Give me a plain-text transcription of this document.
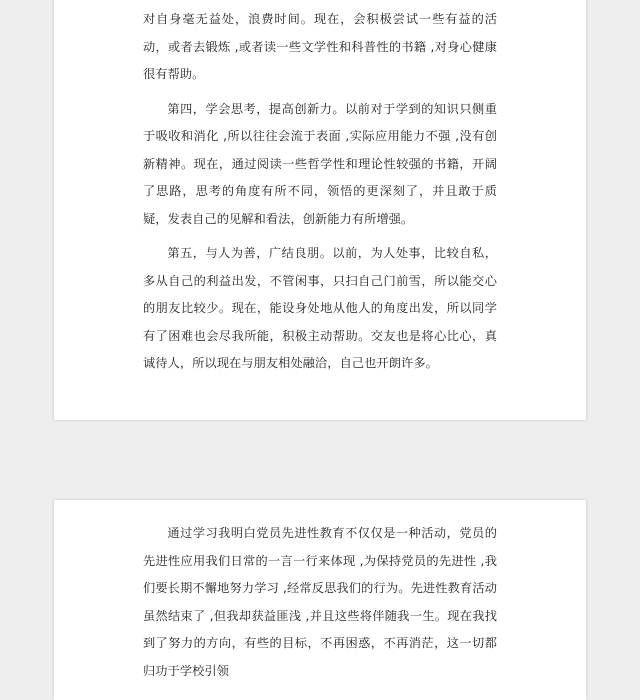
对自身毫无益处，浪费时间。现在，会积极尝试一些有益的活动，或者去锻炼 ,或者读一些文学性和科普性的书籍 ,对身心健康很有帮助。

第四，学会思考，提高创新力。以前对于学到的知识只侧重于吸收和消化 ,所以往往会流于表面 ,实际应用能力不强 ,没有创新精神。现在，通过阅读一些哲学性和理论性较强的书籍，开阔了思路，思考的角度有所不同，领悟的更深刻了，并且敢于质疑，发表自己的见解和看法，创新能力有所增强。

第五，与人为善，广结良朋。以前，为人处事，比较自私，多从自己的利益出发，不管闲事，只扫自己门前雪，所以能交心的朋友比较少。现在，能设身处地从他人的角度出发，所以同学有了困难也会尽我所能，积极主动帮助。交友也是将心比心，真诚待人，所以现在与朋友相处融洽，自己也开朗许多。

通过学习我明白党员先进性教育不仅仅是一种活动，党员的先进性应用我们日常的一言一行来体现 ,为保持党员的先进性 ,我们要长期不懈地努力学习 ,经常反思我们的行为。先进性教育活动虽然结束了 ,但我却获益匪浅 ,并且这些将伴随我一生。现在我找到了努力的方向，有些的目标，不再困惑，不再消茫，这一切都归功于学校引领
